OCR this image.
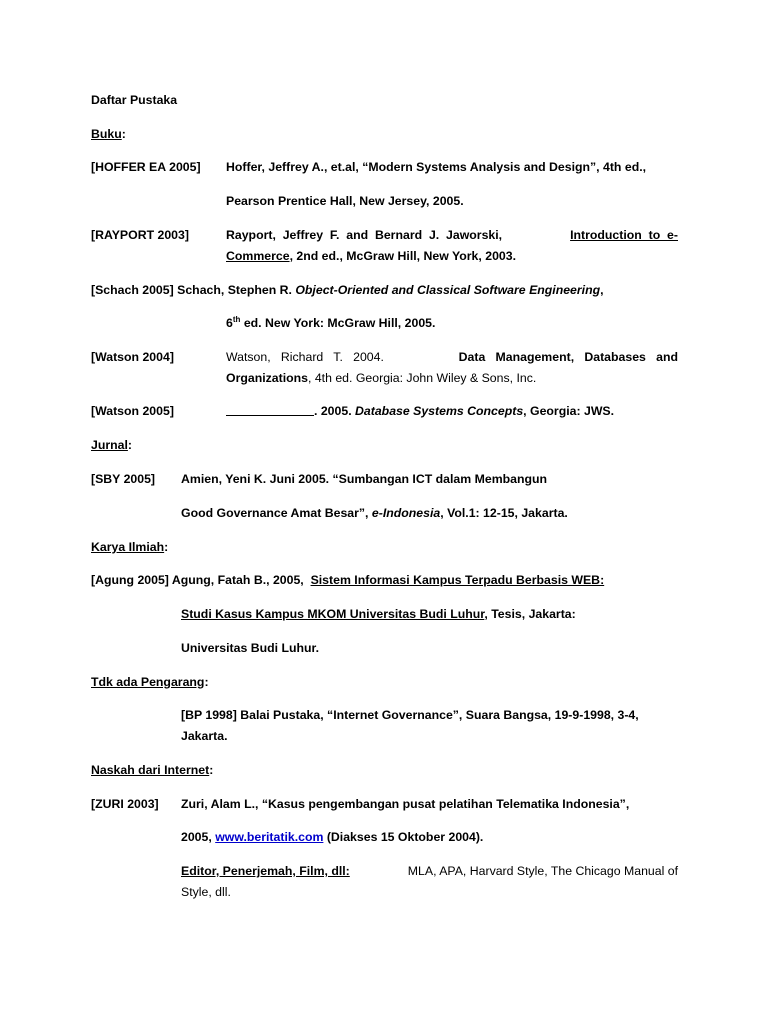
Daftar Pustaka
Buku:
[HOFFER EA 2005] Hoffer, Jeffrey A., et.al, “Modern Systems Analysis and Design”, 4th ed.,
Pearson Prentice Hall, New Jersey, 2005.
[RAYPORT 2003]	Rayport,  Jeffrey  F.  and  Bernard  J.  Jaworski,	Introduction  to  e-
Commerce, 2nd ed., McGraw Hill, New York, 2003.
[Schach 2005] Schach, Stephen R. Object-Oriented and Classical Software Engineering,
6th ed. New York: McGraw Hill, 2005.
[Watson 2004]	Watson,   Richard   T.   2004.	Data   Management,   Databases   and
Organizations, 4th ed. Georgia: John Wiley & Sons, Inc.
[Watson 2005]	. 2005. Database Systems Concepts, Georgia: JWS.
Jurnal:
[SBY 2005] Amien, Yeni K. Juni 2005. “Sumbangan ICT dalam Membangun
Good Governance Amat Besar”, e-Indonesia, Vol.1: 12-15, Jakarta.
Karya Ilmiah:
[Agung 2005] Agung, Fatah B., 2005,  Sistem Informasi Kampus Terpadu Berbasis WEB:
Studi Kasus Kampus MKOM Universitas Budi Luhur, Tesis, Jakarta:
Universitas Budi Luhur.
Tdk ada Pengarang:
[BP 1998] Balai Pustaka, “Internet Governance”, Suara Bangsa, 19-9-1998, 3-4,
Jakarta.
Naskah dari Internet:
[ZURI 2003] Zuri, Alam L., “Kasus pengembangan pusat pelatihan Telematika Indonesia”,
2005, www.beritatik.com (Diakses 15 Oktober 2004).
Editor, Penerjemah, Film, dll:	MLA, APA, Harvard Style, The Chicago Manual of
Style, dll.
